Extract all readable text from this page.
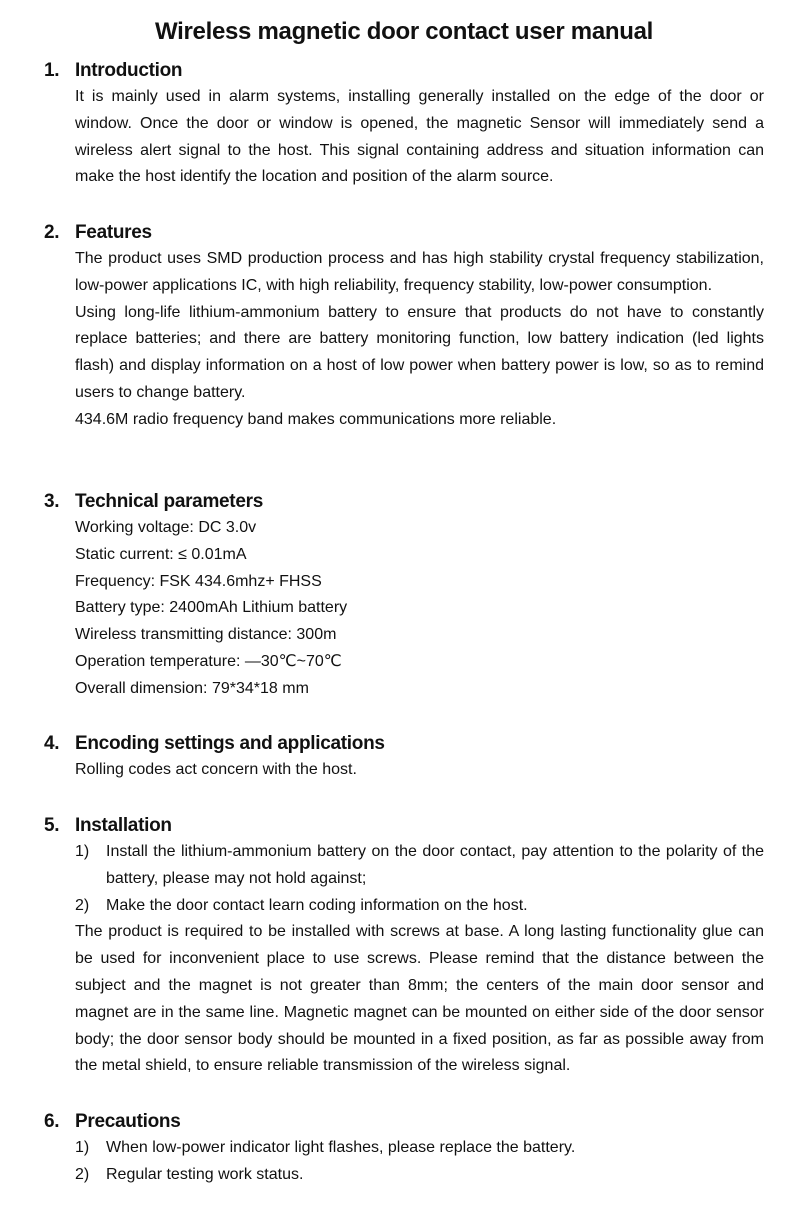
Wireless magnetic door contact user manual
1. Introduction
It is mainly used in alarm systems, installing generally installed on the edge of the door or window. Once the door or window is opened, the magnetic Sensor will immediately send a wireless alert signal to the host. This signal containing address and situation information can make the host identify the location and position of the alarm source.
2. Features
The product uses SMD production process and has high stability crystal frequency stabilization, low-power applications IC, with high reliability, frequency stability, low-power consumption.
Using long-life lithium-ammonium battery to ensure that products do not have to constantly replace batteries; and there are battery monitoring function, low battery indication (led lights flash) and display information on a host of low power when battery power is low, so as to remind users to change battery.
434.6M radio frequency band makes communications more reliable.
3. Technical parameters
Working voltage: DC 3.0v
Static current: ≤ 0.01mA
Frequency: FSK 434.6mhz+ FHSS
Battery type: 2400mAh Lithium battery
Wireless transmitting distance: 300m
Operation temperature: —30℃~70℃
Overall dimension: 79*34*18 mm
4. Encoding settings and applications
Rolling codes act concern with the host.
5. Installation
1)	Install the lithium-ammonium battery on the door contact, pay attention to the polarity of the battery, please may not hold against;
2)	Make the door contact learn coding information on the host.
The product is required to be installed with screws at base. A long lasting functionality glue can be used for inconvenient place to use screws. Please remind that the distance between the subject and the magnet is not greater than 8mm; the centers of the main door sensor and magnet are in the same line. Magnetic magnet can be mounted on either side of the door sensor body; the door sensor body should be mounted in a fixed position, as far as possible away from the metal shield, to ensure reliable transmission of the wireless signal.
6. Precautions
1)	When low-power indicator light flashes, please replace the battery.
2)	Regular testing work status.
